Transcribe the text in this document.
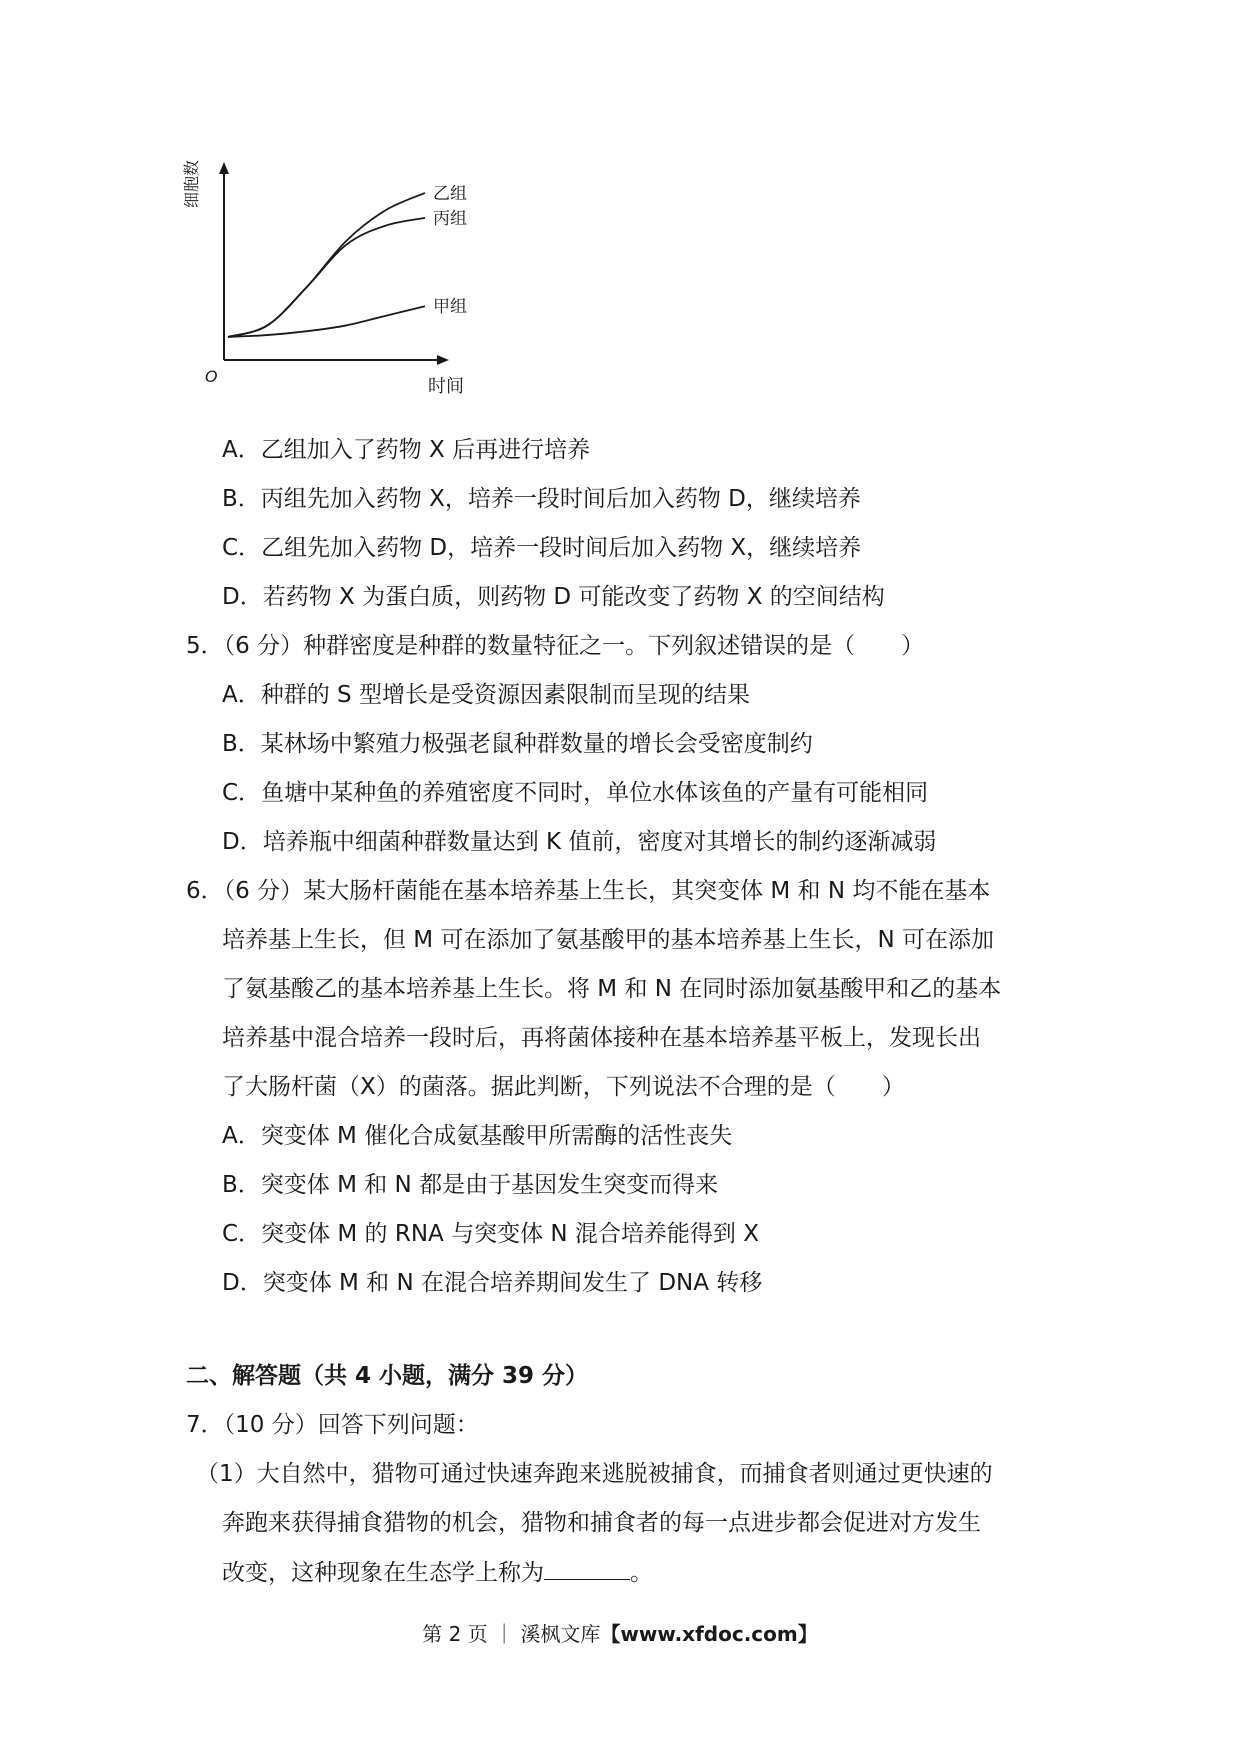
乙组
丙组
甲组
O	时间
细胞数
A．乙组加入了药物 X 后再进行培养
B．丙组先加入药物 X，培养一段时间后加入药物 D，继续培养
C．乙组先加入药物 D，培养一段时间后加入药物 X，继续培养
D．若药物 X 为蛋白质，则药物 D 可能改变了药物 X 的空间结构
5．（6 分）种群密度是种群的数量特征之一。下列叙述错误的是（　　）
A．种群的 S 型增长是受资源因素限制而呈现的结果
B．某林场中繁殖力极强老鼠种群数量的增长会受密度制约
C．鱼塘中某种鱼的养殖密度不同时，单位水体该鱼的产量有可能相同
D．培养瓶中细菌种群数量达到 K 值前，密度对其增长的制约逐渐减弱
6．（6 分）某大肠杆菌能在基本培养基上生长，其突变体 M 和 N 均不能在基本
培养基上生长，但 M 可在添加了氨基酸甲的基本培养基上生长，N 可在添加
了氨基酸乙的基本培养基上生长。将 M 和 N 在同时添加氨基酸甲和乙的基本
培养基中混合培养一段时后，再将菌体接种在基本培养基平板上，发现长出
了大肠杆菌（X）的菌落。据此判断，下列说法不合理的是（　　）
A．突变体 M 催化合成氨基酸甲所需酶的活性丧失
B．突变体 M 和 N 都是由于基因发生突变而得来
C．突变体 M 的 RNA 与突变体 N 混合培养能得到 X
D．突变体 M 和 N 在混合培养期间发生了 DNA 转移
二、解答题（共 4 小题，满分 39 分）
7．（10 分）回答下列问题：
（1）大自然中，猎物可通过快速奔跑来逃脱被捕食，而捕食者则通过更快速的
奔跑来获得捕食猎物的机会，猎物和捕食者的每一点进步都会促进对方发生
改变，这种现象在生态学上称为	。
第 2 页 ｜ 溪枫文库【www.xfdoc.com】
